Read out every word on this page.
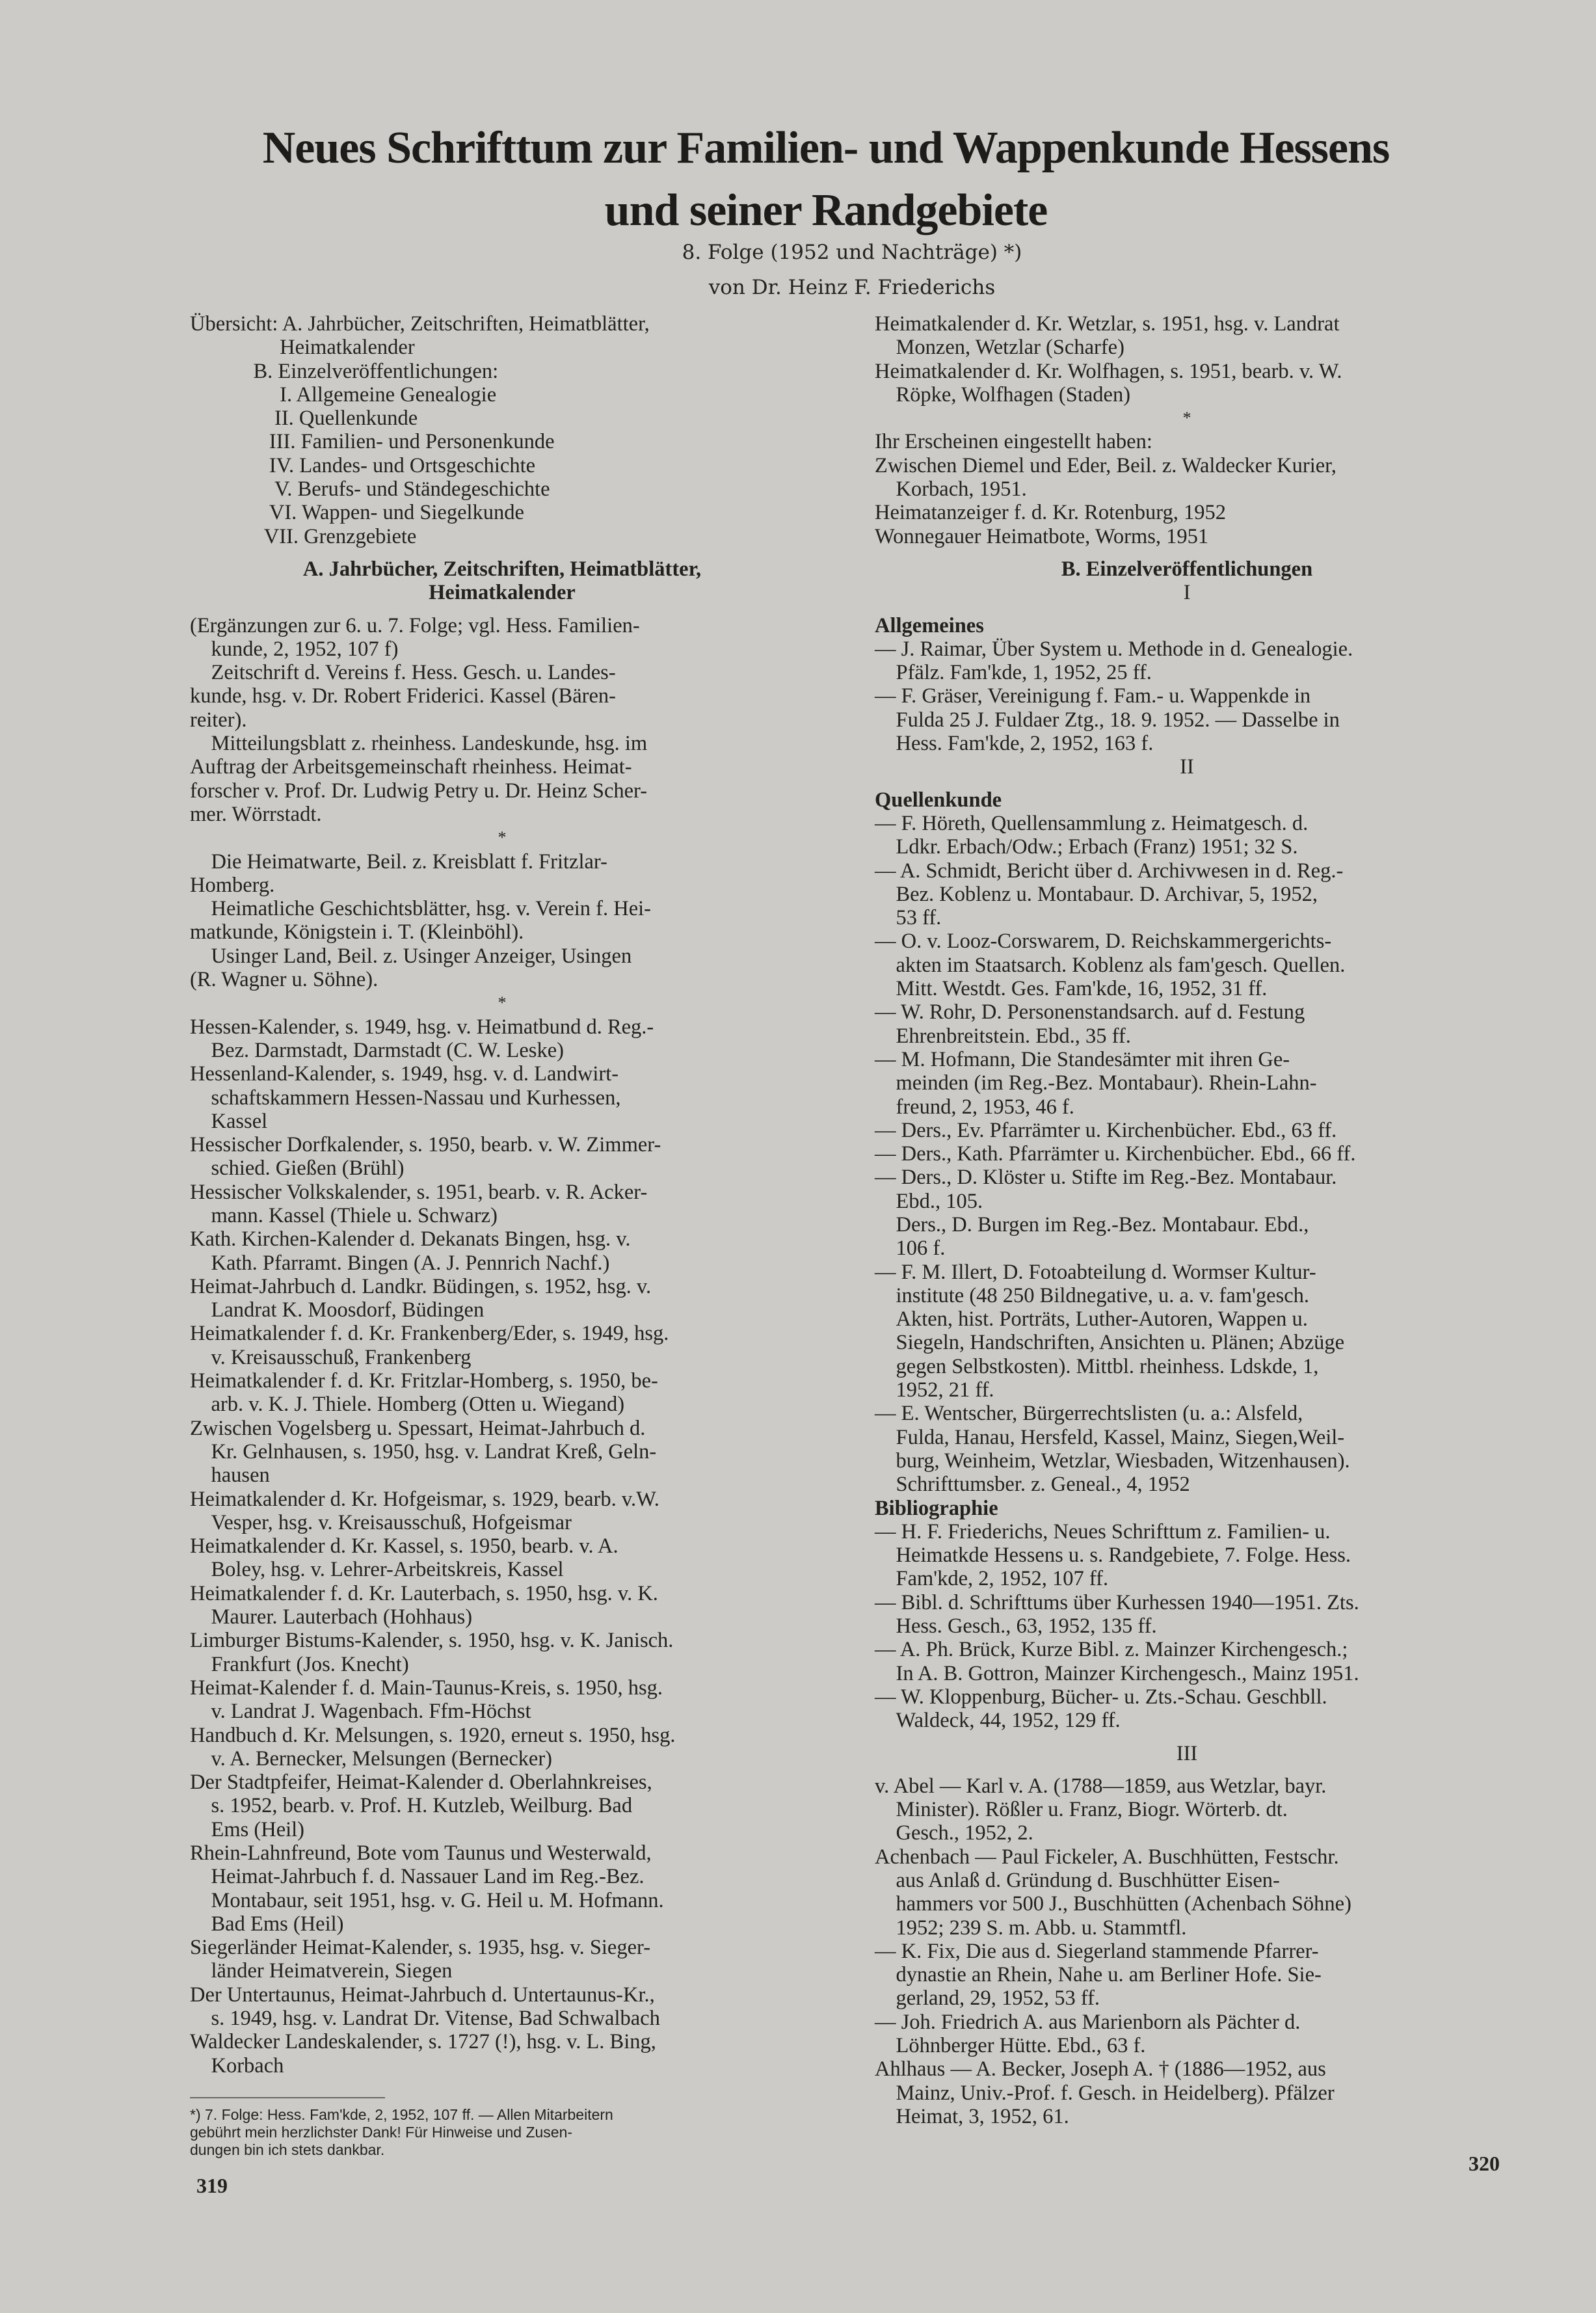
Neues Schrifttum zur Familien- und Wappenkunde Hessens
und seiner Randgebiete
8. Folge (1952 und Nachträge) *)
von Dr. Heinz F. Friederichs

Übersicht: A. Jahrbücher, Zeitschriften, Heimatblätter,
Heimatkalender
B. Einzelveröffentlichungen:
I. Allgemeine Genealogie
II. Quellenkunde
III. Familien- und Personenkunde
IV. Landes- und Ortsgeschichte
V. Berufs- und Ständegeschichte
VI. Wappen- und Siegelkunde
VII. Grenzgebiete

A. Jahrbücher, Zeitschriften, Heimatblätter,
Heimatkalender

(Ergänzungen zur 6. u. 7. Folge; vgl. Hess. Familien-
kunde, 2, 1952, 107 f)

Zeitschrift d. Vereins f. Hess. Gesch. u. Landes-
kunde, hsg. v. Dr. Robert Friderici. Kassel (Bären-
reiter).

Mitteilungsblatt z. rheinhess. Landeskunde, hsg. im
Auftrag der Arbeitsgemeinschaft rheinhess. Heimat-
forscher v. Prof. Dr. Ludwig Petry u. Dr. Heinz Scher-
mer. Wörrstadt.

*

Die Heimatwarte, Beil. z. Kreisblatt f. Fritzlar-
Homberg.

Heimatliche Geschichtsblätter, hsg. v. Verein f. Hei-
matkunde, Königstein i. T. (Kleinböhl).

Usinger Land, Beil. z. Usinger Anzeiger, Usingen
(R. Wagner u. Söhne).

*

Hessen-Kalender, s. 1949, hsg. v. Heimatbund d. Reg.-
Bez. Darmstadt, Darmstadt (C. W. Leske)

Hessenland-Kalender, s. 1949, hsg. v. d. Landwirt-
schaftskammern Hessen-Nassau und Kurhessen,
Kassel

Hessischer Dorfkalender, s. 1950, bearb. v. W. Zimmer-
schied. Gießen (Brühl)

Hessischer Volkskalender, s. 1951, bearb. v. R. Acker-
mann. Kassel (Thiele u. Schwarz)

Kath. Kirchen-Kalender d. Dekanats Bingen, hsg. v.
Kath. Pfarramt. Bingen (A. J. Pennrich Nachf.)

Heimat-Jahrbuch d. Landkr. Büdingen, s. 1952, hsg. v.
Landrat K. Moosdorf, Büdingen

Heimatkalender f. d. Kr. Frankenberg/Eder, s. 1949, hsg.
v. Kreisausschuß, Frankenberg

Heimatkalender f. d. Kr. Fritzlar-Homberg, s. 1950, be-
arb. v. K. J. Thiele. Homberg (Otten u. Wiegand)

Zwischen Vogelsberg u. Spessart, Heimat-Jahrbuch d.
Kr. Gelnhausen, s. 1950, hsg. v. Landrat Kreß, Geln-
hausen

Heimatkalender d. Kr. Hofgeismar, s. 1929, bearb. v.W.
Vesper, hsg. v. Kreisausschuß, Hofgeismar

Heimatkalender d. Kr. Kassel, s. 1950, bearb. v. A.
Boley, hsg. v. Lehrer-Arbeitskreis, Kassel

Heimatkalender f. d. Kr. Lauterbach, s. 1950, hsg. v. K.
Maurer. Lauterbach (Hohhaus)

Limburger Bistums-Kalender, s. 1950, hsg. v. K. Janisch.
Frankfurt (Jos. Knecht)

Heimat-Kalender f. d. Main-Taunus-Kreis, s. 1950, hsg.
v. Landrat J. Wagenbach. Ffm-Höchst

Handbuch d. Kr. Melsungen, s. 1920, erneut s. 1950, hsg.
v. A. Bernecker, Melsungen (Bernecker)

Der Stadtpfeifer, Heimat-Kalender d. Oberlahnkreises,
s. 1952, bearb. v. Prof. H. Kutzleb, Weilburg. Bad
Ems (Heil)

Rhein-Lahnfreund, Bote vom Taunus und Westerwald,
Heimat-Jahrbuch f. d. Nassauer Land im Reg.-Bez.
Montabaur, seit 1951, hsg. v. G. Heil u. M. Hofmann.
Bad Ems (Heil)

Siegerländer Heimat-Kalender, s. 1935, hsg. v. Sieger-
länder Heimatverein, Siegen

Der Untertaunus, Heimat-Jahrbuch d. Untertaunus-Kr.,
s. 1949, hsg. v. Landrat Dr. Vitense, Bad Schwalbach

Waldecker Landeskalender, s. 1727 (!), hsg. v. L. Bing,
Korbach

*) 7. Folge: Hess. Fam'kde, 2, 1952, 107 ff. — Allen Mitarbeitern
gebührt mein herzlichster Dank! Für Hinweise und Zusen-
dungen bin ich stets dankbar.

Heimatkalender d. Kr. Wetzlar, s. 1951, hsg. v. Landrat
Monzen, Wetzlar (Scharfe)

Heimatkalender d. Kr. Wolfhagen, s. 1951, bearb. v. W.
Röpke, Wolfhagen (Staden)

*

Ihr Erscheinen eingestellt haben:

Zwischen Diemel und Eder, Beil. z. Waldecker Kurier,
Korbach, 1951.

Heimatanzeiger f. d. Kr. Rotenburg, 1952

Wonnegauer Heimatbote, Worms, 1951

B. Einzelveröffentlichungen

I

Allgemeines

— J. Raimar, Über System u. Methode in d. Genealogie.
Pfälz. Fam'kde, 1, 1952, 25 ff.

— F. Gräser, Vereinigung f. Fam.- u. Wappenkde in
Fulda 25 J. Fuldaer Ztg., 18. 9. 1952. — Dasselbe in
Hess. Fam'kde, 2, 1952, 163 f.

II

Quellenkunde

— F. Höreth, Quellensammlung z. Heimatgesch. d.
Ldkr. Erbach/Odw.; Erbach (Franz) 1951; 32 S.

— A. Schmidt, Bericht über d. Archivwesen in d. Reg.-
Bez. Koblenz u. Montabaur. D. Archivar, 5, 1952,
53 ff.

— O. v. Looz-Corswarem, D. Reichskammergerichts-
akten im Staatsarch. Koblenz als fam'gesch. Quellen.
Mitt. Westdt. Ges. Fam'kde, 16, 1952, 31 ff.

— W. Rohr, D. Personenstandsarch. auf d. Festung
Ehrenbreitstein. Ebd., 35 ff.

— M. Hofmann, Die Standesämter mit ihren Ge-
meinden (im Reg.-Bez. Montabaur). Rhein-Lahn-
freund, 2, 1953, 46 f.

— Ders., Ev. Pfarrämter u. Kirchenbücher. Ebd., 63 ff.

— Ders., Kath. Pfarrämter u. Kirchenbücher. Ebd., 66 ff.

— Ders., D. Klöster u. Stifte im Reg.-Bez. Montabaur.
Ebd., 105.

Ders., D. Burgen im Reg.-Bez. Montabaur. Ebd.,
106 f.

— F. M. Illert, D. Fotoabteilung d. Wormser Kultur-
institute (48 250 Bildnegative, u. a. v. fam'gesch.
Akten, hist. Porträts, Luther-Autoren, Wappen u.
Siegeln, Handschriften, Ansichten u. Plänen; Abzüge
gegen Selbstkosten). Mittbl. rheinhess. Ldskde, 1,
1952, 21 ff.

— E. Wentscher, Bürgerrechtslisten (u. a.: Alsfeld,
Fulda, Hanau, Hersfeld, Kassel, Mainz, Siegen,Weil-
burg, Weinheim, Wetzlar, Wiesbaden, Witzenhausen).
Schrifttumsber. z. Geneal., 4, 1952

Bibliographie

— H. F. Friederichs, Neues Schrifttum z. Familien- u.
Heimatkde Hessens u. s. Randgebiete, 7. Folge. Hess.
Fam'kde, 2, 1952, 107 ff.

— Bibl. d. Schrifttums über Kurhessen 1940—1951. Zts.
Hess. Gesch., 63, 1952, 135 ff.

— A. Ph. Brück, Kurze Bibl. z. Mainzer Kirchengesch.;
In A. B. Gottron, Mainzer Kirchengesch., Mainz 1951.

— W. Kloppenburg, Bücher- u. Zts.-Schau. Geschbll.
Waldeck, 44, 1952, 129 ff.

III

v. Abel — Karl v. A. (1788—1859, aus Wetzlar, bayr.
Minister). Rößler u. Franz, Biogr. Wörterb. dt.
Gesch., 1952, 2.

Achenbach — Paul Fickeler, A. Buschhütten, Festschr.
aus Anlaß d. Gründung d. Buschhütter Eisen-
hammers vor 500 J., Buschhütten (Achenbach Söhne)
1952; 239 S. m. Abb. u. Stammtfl.

— K. Fix, Die aus d. Siegerland stammende Pfarrer-
dynastie an Rhein, Nahe u. am Berliner Hofe. Sie-
gerland, 29, 1952, 53 ff.

— Joh. Friedrich A. aus Marienborn als Pächter d.
Löhnberger Hütte. Ebd., 63 f.

Ahlhaus — A. Becker, Joseph A. † (1886—1952, aus
Mainz, Univ.-Prof. f. Gesch. in Heidelberg). Pfälzer
Heimat, 3, 1952, 61.

319
320
